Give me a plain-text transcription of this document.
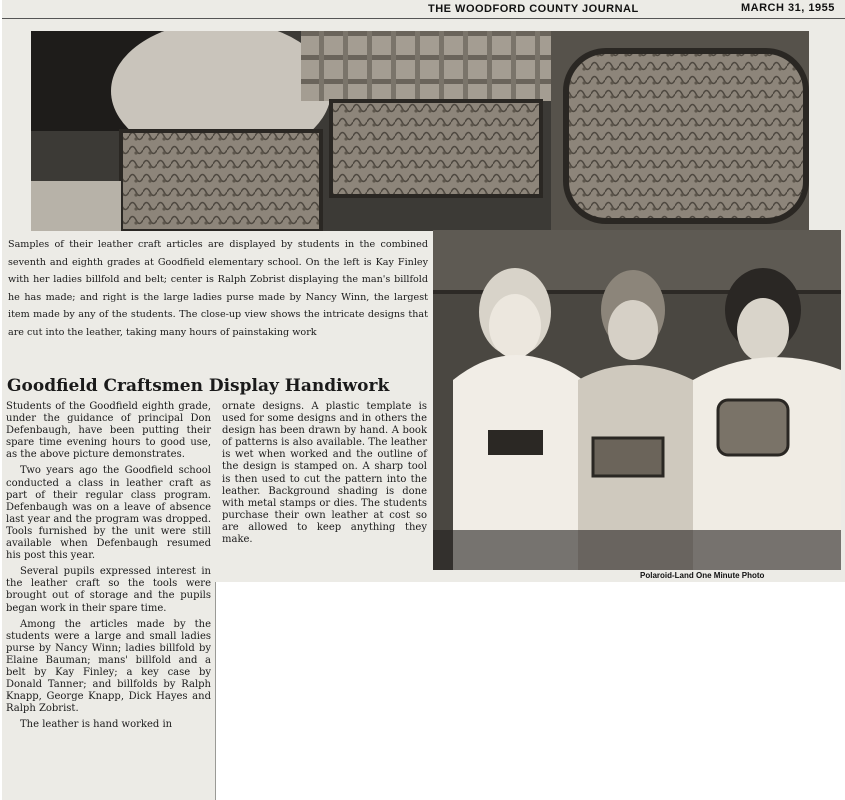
THE WOODFORD COUNTY JOURNAL	MARCH 31, 1955
Samples of their leather craft articles are displayed by students in the combined seventh and eighth grades at Goodfield elementary school. On the left is Kay Finley with her ladies billfold and belt; center is Ralph Zobrist displaying the man's billfold he has made; and right is the large ladies purse made by Nancy Winn, the largest item made by any of the students. The close-up view shows the intricate designs that are cut into the leather, taking many hours of painstaking work
Polaroid-Land One Minute Photo
Goodfield Craftsmen Display Handiwork

Students of the Goodfield eighth grade, under the guidance of principal Don Defenbaugh, have been putting their spare time evening hours to good use, as the above picture demonstrates.

Two years ago the Goodfield school conducted a class in leather craft as part of their regular class program. Defenbaugh was on a leave of absence last year and the program was dropped. Tools furnished by the unit were still available when Defenbaugh resumed his post this year.

Several pupils expressed interest in the leather craft so the tools were brought out of storage and the pupils began work in their spare time.

Among the articles made by the students were a large and small ladies purse by Nancy Winn; ladies billfold by Elaine Bauman; mans' billfold and a belt by Kay Finley; a key case by Donald Tanner; and billfolds by Ralph Knapp, George Knapp, Dick Hayes and Ralph Zobrist.

The leather is hand worked in

ornate designs. A plastic template is used for some designs and in others the design has been drawn by hand. A book of patterns is also available. The leather is wet when worked and the outline of the design is stamped on. A sharp tool is then used to cut the pattern into the leather. Background shading is done with metal stamps or dies. The students purchase their own leather at cost so are allowed to keep anything they make.
